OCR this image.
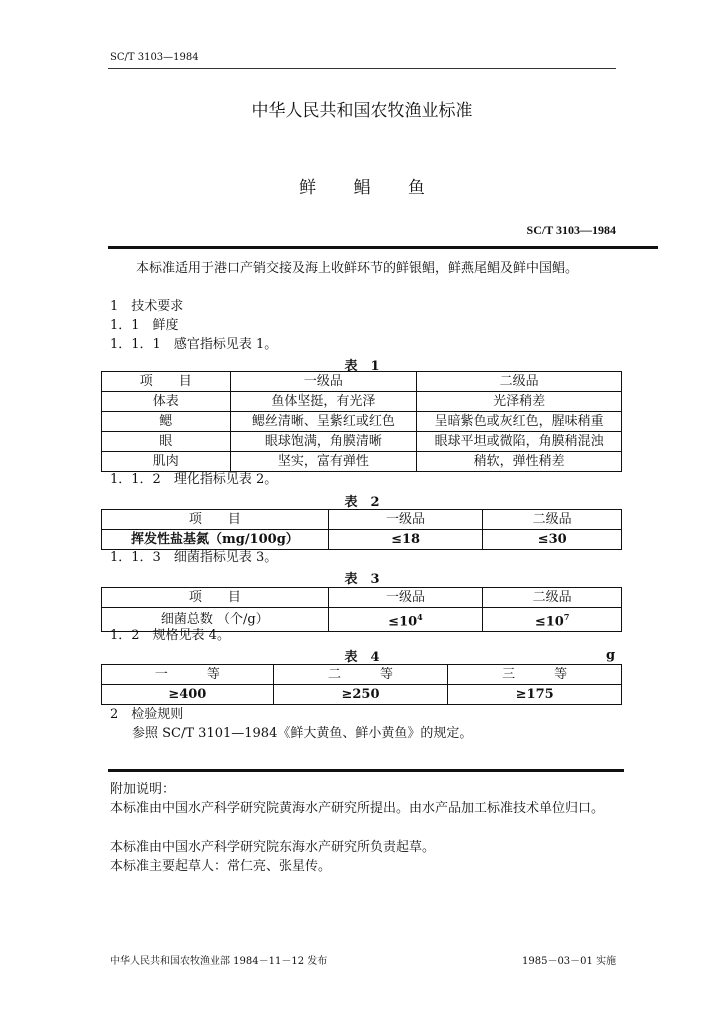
SC/T 3103—1984
中华人民共和国农牧渔业标准
鲜 鲳 鱼
SC/T 3103—1984
本标准适用于港口产销交接及海上收鲜环节的鲜银鲳，鲜燕尾鲳及鲜中国鲳。
1　技术要求
1．1　鲜度
1．1．1　感官指标见表 1。
表　1
项　　目	一级品	二级品
体表	鱼体坚挺，有光泽	光泽稍差
鳃	鳃丝清晰、呈紫红或红色	呈暗紫色或灰红色，腥味稍重
眼	眼球饱满，角膜清晰	眼球平坦或微陷，角膜稍混浊
肌肉	坚实，富有弹性	稍软，弹性稍差
1．1．2　理化指标见表 2。
表　2
项　　目	一级品	二级品
挥发性盐基氮（mg/100g）	≤18	≤30
1．1．3　细菌指标见表 3。
表　3
项　　目	一级品	二级品
细菌总数 （个/g）	$\le 10^4$	$\le 10^7$
1．2　规格见表 4。
表　4	g
一　　　等	二　　　等	三　　　等
≥400	≥250	≥175
2　检验规则
参照 SC/T 3101—1984《鲜大黄鱼、鲜小黄鱼》的规定。
附加说明：
本标准由中国水产科学研究院黄海水产研究所提出。由水产品加工标准技术单位归口。
本标准由中国水产科学研究院东海水产研究所负责起草。
本标准主要起草人：常仁亮、张星传。
中华人民共和国农牧渔业部 1984－11－12 发布	1985－03－01 实施
